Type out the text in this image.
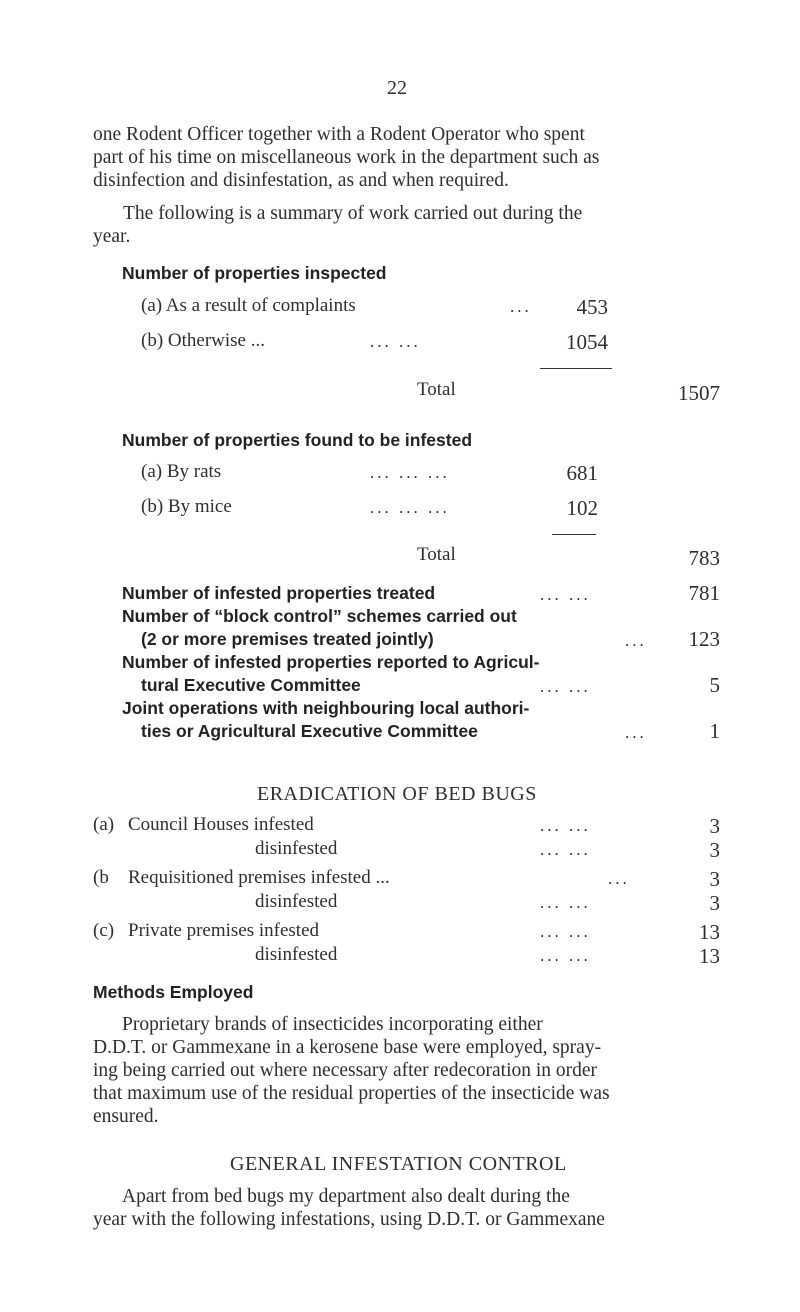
22
one Rodent Officer together with a Rodent Operator who spent
part of his time on miscellaneous work in the department such as
disinfection and disinfestation, as and when required.
The following is a summary of work carried out during the
year.
Number of properties inspected
(a) As a result of complaints	...	453
(b) Otherwise ...	... ...	1054
Total	1507
Number of properties found to be infested
(a) By rats	... ... ...	681
(b) By mice	... ... ...	102
Total	783
Number of infested properties treated	... ...	781
Number of “block control” schemes carried out
(2 or more premises treated jointly)	...	123
Number of infested properties reported to Agricul-
tural Executive Committee	... ...	5
Joint operations with neighbouring local authori-
ties or Agricultural Executive Committee	...	1
ERADICATION OF BED BUGS
(a) Council Houses infested	... ...	3
disinfested	... ...	3
(b Requisitioned premises infested ...	...	3
disinfested	... ...	3
(c) Private premises infested	... ...	13
disinfested	... ...	13
Methods Employed
Proprietary brands of insecticides incorporating either
D.D.T. or Gammexane in a kerosene base were employed, spray-
ing being carried out where necessary after redecoration in order
that maximum use of the residual properties of the insecticide was
ensured.
GENERAL INFESTATION CONTROL
Apart from bed bugs my department also dealt during the
year with the following infestations, using D.D.T. or Gammexane
